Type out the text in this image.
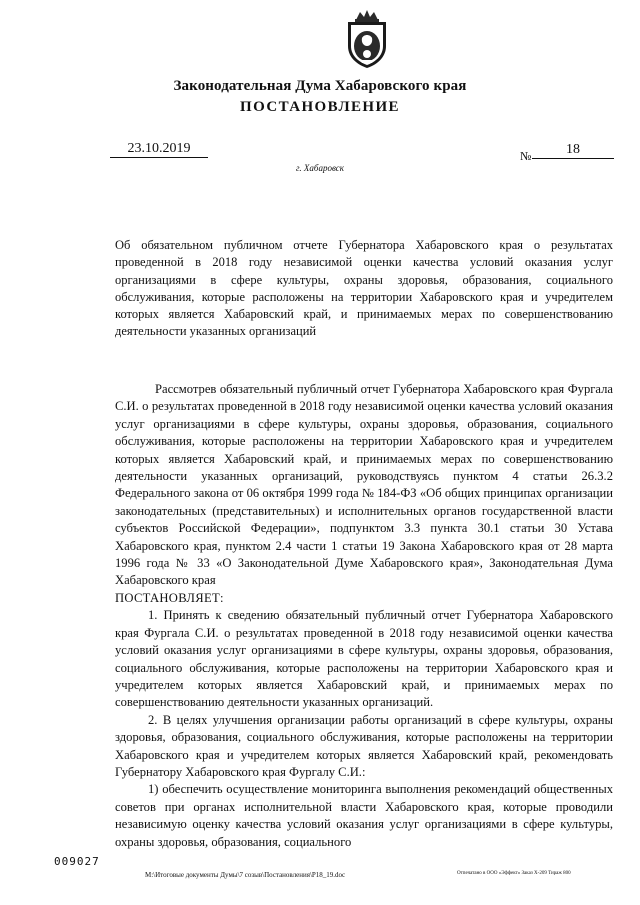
Законодательная Дума Хабаровского края
ПОСТАНОВЛЕНИЕ
23.10.2019	№	18
г. Хабаровск
Об обязательном публичном отчете Губернатора Хабаровского края о результатах проведенной в 2018 году независимой оценки качества условий оказания услуг организациями в сфере культуры, охраны здоровья, образования, социального обслуживания, которые расположены на территории Хабаровского края и учредителем которых является Хабаровский край, и принимаемых мерах по совершенствованию деятельности указанных организаций

Рассмотрев обязательный публичный отчет Губернатора Хабаровского края Фургала С.И. о результатах проведенной в 2018 году независимой оценки качества условий оказания услуг организациями в сфере культуры, охраны здоровья, образования, социального обслуживания, которые расположены на территории Хабаровского края и учредителем которых является Хабаровский край, и принимаемых мерах по совершенствованию деятельности указанных организаций, руководствуясь пунктом 4 статьи 26.3.2 Федерального закона от 06 октября 1999 года № 184-ФЗ «Об общих принципах организации законодательных (представительных) и исполнительных органов государственной власти субъектов Российской Федерации», подпунктом 3.3 пункта 30.1 статьи 30 Устава Хабаровского края, пунктом 2.4 части 1 статьи 19 Закона Хабаровского края от 28 марта 1996 года № 33 «О Законодательной Думе Хабаровского края», Законодательная Дума Хабаровского края

ПОСТАНОВЛЯЕТ:

1. Принять к сведению обязательный публичный отчет Губернатора Хабаровского края Фургала С.И. о результатах проведенной в 2018 году независимой оценки качества условий оказания услуг организациями в сфере культуры, охраны здоровья, образования, социального обслуживания, которые расположены на территории Хабаровского края и учредителем которых является Хабаровский край, и принимаемых мерах по совершенствованию деятельности указанных организаций.

2. В целях улучшения организации работы организаций в сфере культуры, охраны здоровья, образования, социального обслуживания, которые расположены на территории Хабаровского края и учредителем которых является Хабаровский край, рекомендовать Губернатору Хабаровского края Фургалу С.И.:

1) обеспечить осуществление мониторинга выполнения рекомендаций общественных советов при органах исполнительной власти Хабаровского края, которые проводили независимую оценку качества условий оказания услуг организациями в сфере культуры, охраны здоровья, образования, социального

009027
M:\Итоговые документы Думы\7 созыв\Постановления\Р18_19.doc	Отпечатано в ООО «Эффект» Заказ Х-209 Тираж 800
